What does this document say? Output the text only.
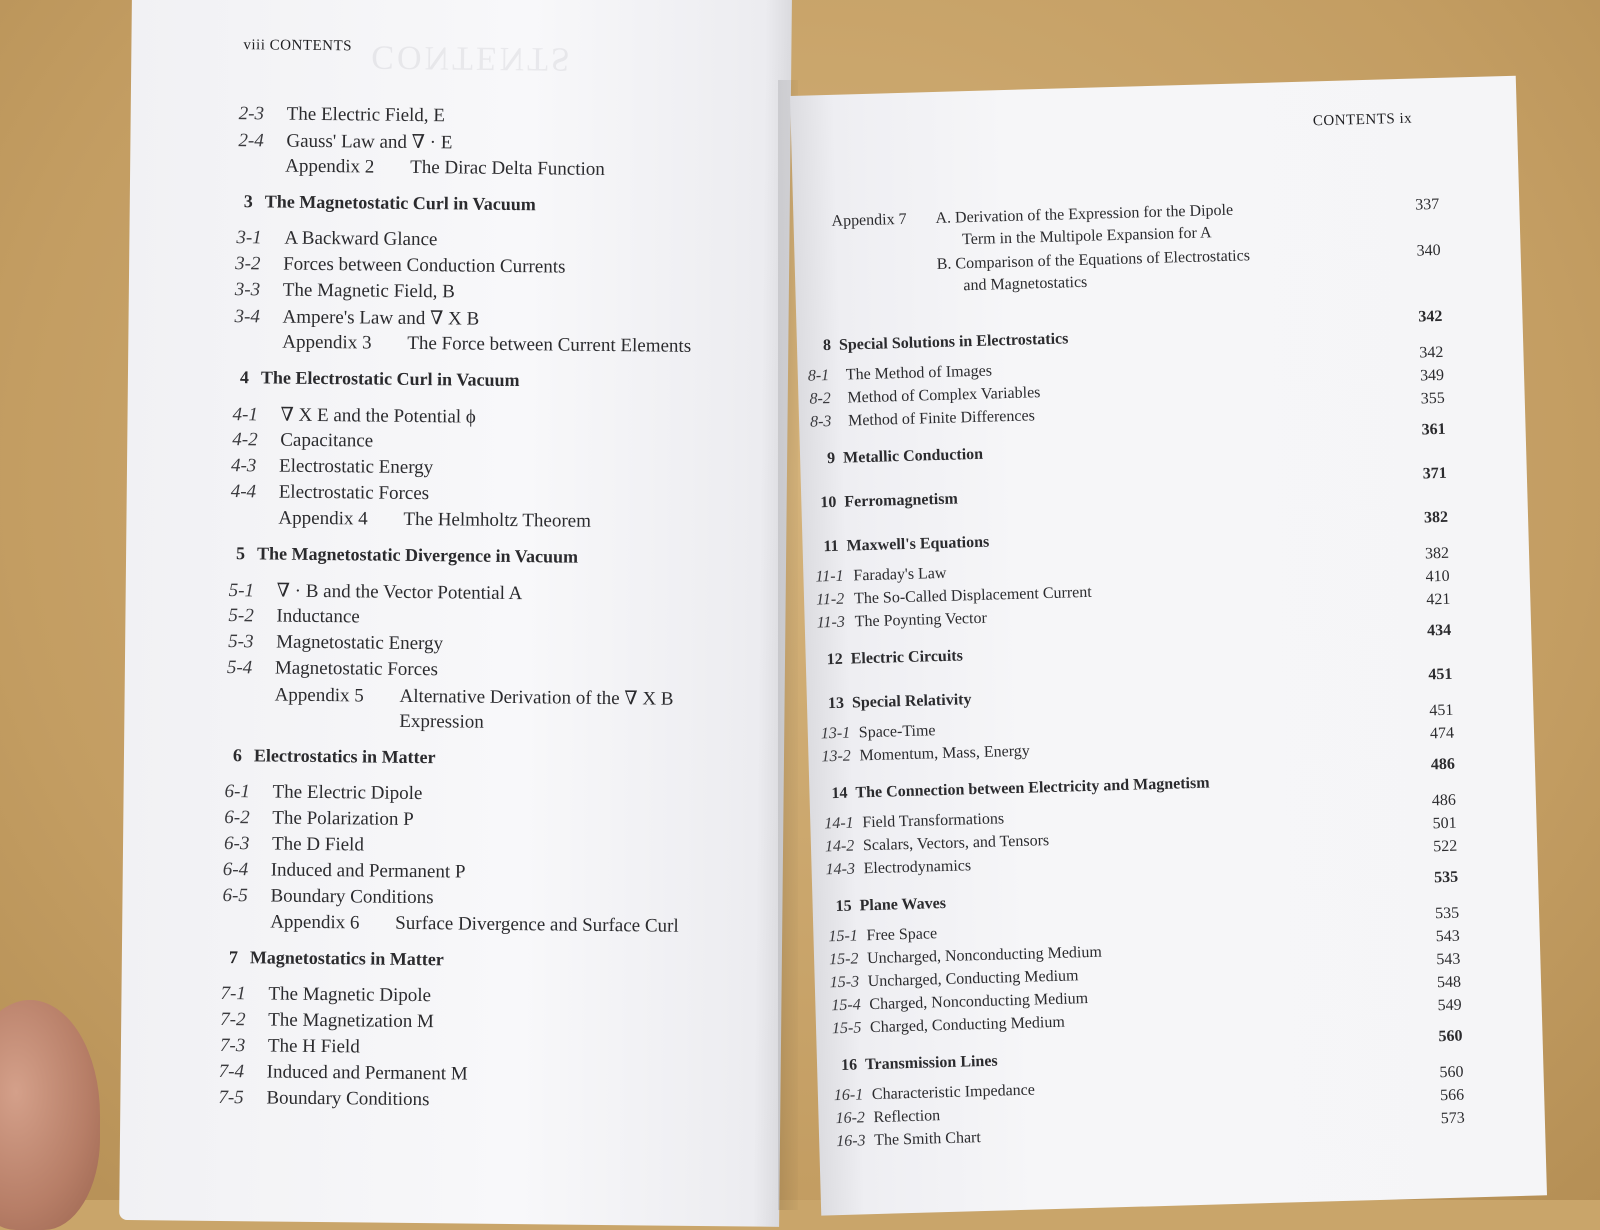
CONTENTS
viii CONTENTS
2-3 The Electric Field, E
2-4 Gauss' Law and ∇ · E
Appendix 2 The Dirac Delta Function
3 The Magnetostatic Curl in Vacuum
3-1 A Backward Glance
3-2 Forces between Conduction Currents
3-3 The Magnetic Field, B
3-4 Ampere's Law and ∇ X B
Appendix 3 The Force between Current Elements
4 The Electrostatic Curl in Vacuum
4-1 ∇ X E and the Potential ϕ
4-2 Capacitance
4-3 Electrostatic Energy
4-4 Electrostatic Forces
Appendix 4 The Helmholtz Theorem
5 The Magnetostatic Divergence in Vacuum
5-1 ∇ · B and the Vector Potential A
5-2 Inductance
5-3 Magnetostatic Energy
5-4 Magnetostatic Forces
Appendix 5 Alternative Derivation of the ∇ X B
Expression
6 Electrostatics in Matter
6-1 The Electric Dipole
6-2 The Polarization P
6-3 The D Field
6-4 Induced and Permanent P
6-5 Boundary Conditions
Appendix 6 Surface Divergence and Surface Curl
7 Magnetostatics in Matter
7-1 The Magnetic Dipole
7-2 The Magnetization M
7-3 The H Field
7-4 Induced and Permanent M
7-5 Boundary Conditions
CONTENTS ix
Appendix 7 A. Derivation of the Expression for the Dipole
Term in the Multipole Expansion for A
337
B. Comparison of the Equations of Electrostatics
and Magnetostatics
340
8 Special Solutions in Electrostatics
342
8-1 The Method of Images
342
8-2 Method of Complex Variables
349
8-3 Method of Finite Differences
355
9 Metallic Conduction
361
10 Ferromagnetism
371
11 Maxwell's Equations
382
11-1 Faraday's Law
382
11-2 The So-Called Displacement Current
410
11-3 The Poynting Vector
421
12 Electric Circuits
434
13 Special Relativity
451
13-1 Space-Time
451
13-2 Momentum, Mass, Energy
474
14 The Connection between Electricity and Magnetism
486
14-1 Field Transformations
486
14-2 Scalars, Vectors, and Tensors
501
14-3 Electrodynamics
522
15 Plane Waves
535
15-1 Free Space
535
15-2 Uncharged, Nonconducting Medium
543
15-3 Uncharged, Conducting Medium
543
15-4 Charged, Nonconducting Medium
548
15-5 Charged, Conducting Medium
549
16 Transmission Lines
560
16-1 Characteristic Impedance
560
16-2 Reflection
566
16-3 The Smith Chart
573
